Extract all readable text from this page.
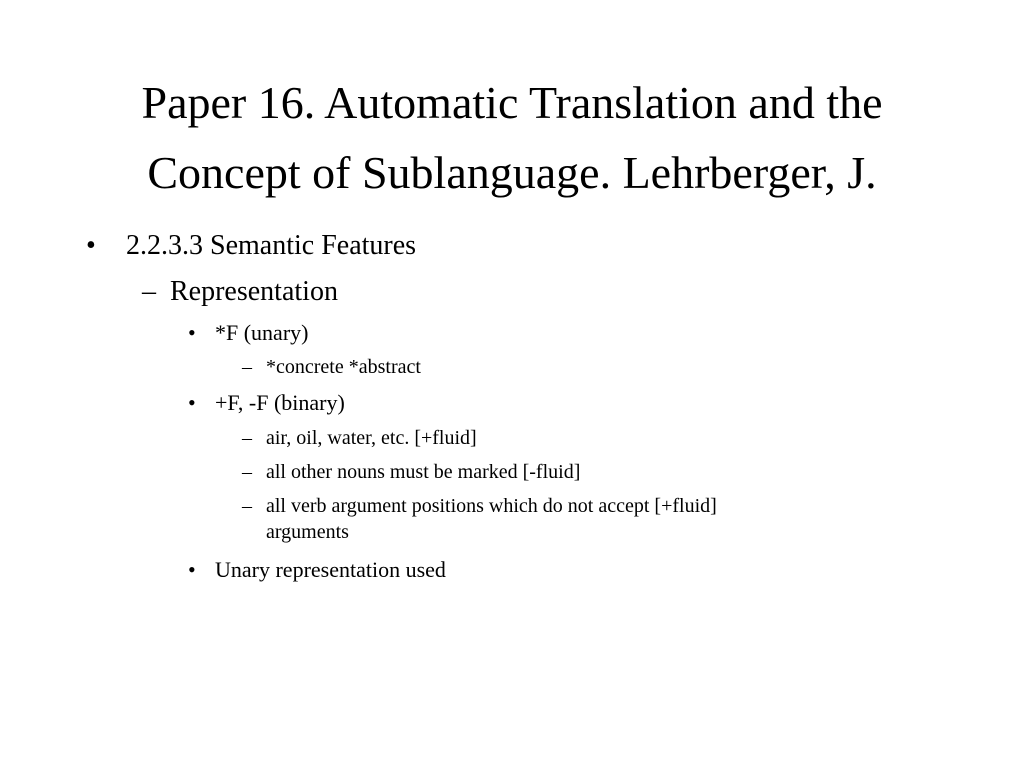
Paper 16. Automatic Translation and the
Concept of Sublanguage. Lehrberger, J.
• 2.2.3.3 Semantic Features
– Representation
• *F (unary)
– *concrete *abstract
• +F, -F (binary)
– air, oil, water, etc. [+fluid]
– all other nouns must be marked [-fluid]
– all verb argument positions which do not accept [+fluid]
arguments
• Unary representation used
